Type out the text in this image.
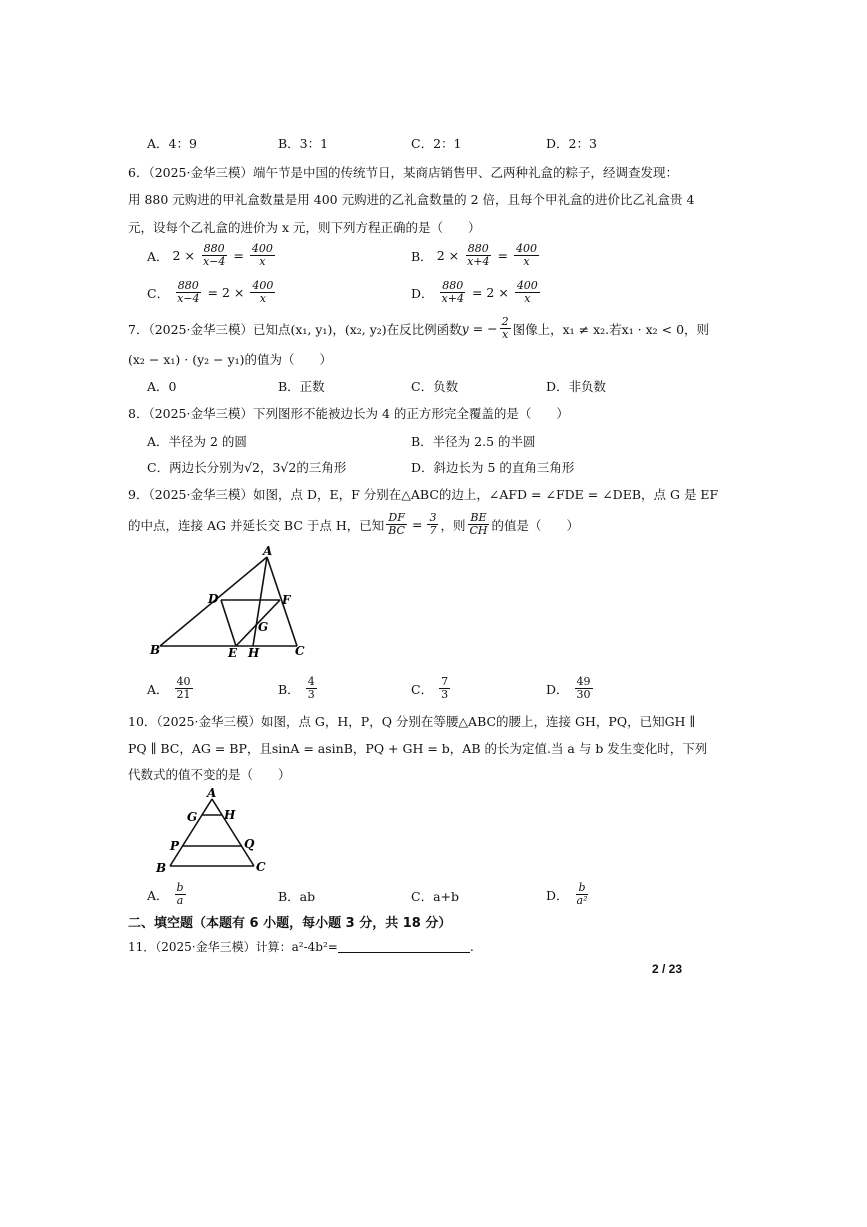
A．4：9	B．3：1	C．2：1	D．2：3
6．（2025·金华三模）端午节是中国的传统节日，某商店销售甲、乙两种礼盒的粽子，经调查发现：
用 880 元购进的甲礼盒数量是用 400 元购进的乙礼盒数量的 2 倍，且每个甲礼盒的进价比乙礼盒贵 4
元，设每个乙礼盒的进价为 x 元，则下列方程正确的是（　　）
A． $2 \times \frac{880}{x-4} = \frac{400}{x}$	B． $2 \times \frac{880}{x+4} = \frac{400}{x}$
C． $\frac{880}{x-4} = 2 \times \frac{400}{x}$	D． $\frac{880}{x+4} = 2 \times \frac{400}{x}$
7．（2025·金华三模）已知点(x₁, y₁)，(x₂, y₂)在反比例函数 y = − $\frac{2}{x}$ 图像上，x₁ ≠ x₂.若x₁ · x₂ < 0，则
(x₂ − x₁) · (y₂ − y₁)的值为（　　）
A．0	B．正数	C．负数	D．非负数
8．（2025·金华三模）下列图形不能被边长为 4 的正方形完全覆盖的是（　　）
A．半径为 2 的圆	B．半径为 2.5 的半圆
C．两边长分别为√2，3√2的三角形	D．斜边长为 5 的直角三角形
9．（2025·金华三模）如图，点 D，E，F 分别在△ABC的边上，∠AFD = ∠FDE = ∠DEB，点 G 是 EF
的中点，连接 AG 并延长交 BC 于点 H，已知 $\frac{DF}{BC} = \frac{3}{7}$ ，则 $\frac{BE}{CH}$ 的值是（　　）
A
D	F
G
B	E H	C
A． $\frac{40}{21}$	B． $\frac{4}{3}$	C． $\frac{7}{3}$	D． $\frac{49}{30}$
10．（2025·金华三模）如图，点 G，H，P，Q 分别在等腰△ABC的腰上，连接 GH，PQ，已知GH ∥
PQ ∥ BC，AG = BP，且sinA = asinB，PQ + GH = b，AB 的长为定值.当 a 与 b 发生变化时，下列
代数式的值不变的是（　　）
A
G H
P	Q
B	C
A． $\frac{b}{a}$	B．ab	C．a+b	D． $\frac{b}{\text{a²}}$
二、填空题（本题有 6 小题，每小题 3 分，共 18 分）
11．（2025·金华三模）计算：a²-4b²=	.
2 / 23
